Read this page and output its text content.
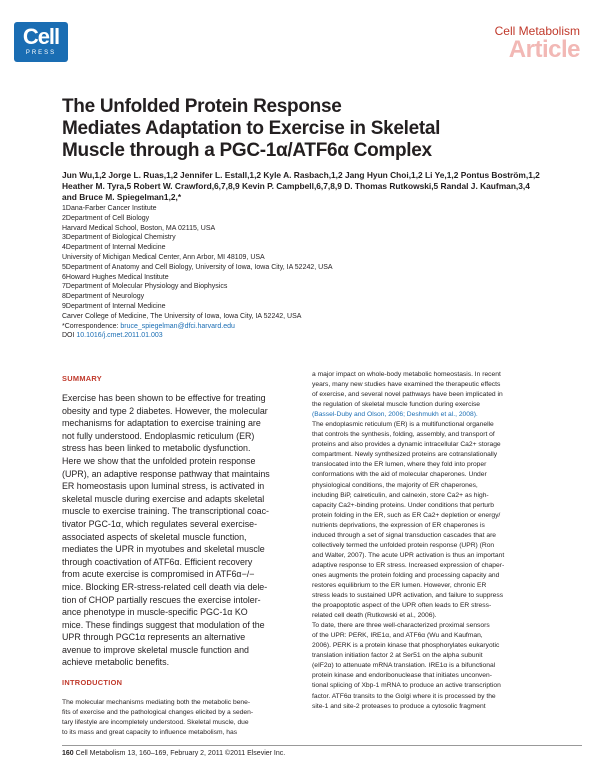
Cell
PRESS
Cell Metabolism
Article
The Unfolded Protein Response
Mediates Adaptation to Exercise in Skeletal
Muscle through a PGC-1α/ATF6α Complex
Jun Wu,1,2 Jorge L. Ruas,1,2 Jennifer L. Estall,1,2 Kyle A. Rasbach,1,2 Jang Hyun Choi,1,2 Li Ye,1,2 Pontus Boström,1,2
Heather M. Tyra,5 Robert W. Crawford,6,7,8,9 Kevin P. Campbell,6,7,8,9 D. Thomas Rutkowski,5 Randal J. Kaufman,3,4
and Bruce M. Spiegelman1,2,*
1Dana-Farber Cancer Institute
2Department of Cell Biology
Harvard Medical School, Boston, MA 02115, USA
3Department of Biological Chemistry
4Department of Internal Medicine
University of Michigan Medical Center, Ann Arbor, MI 48109, USA
5Department of Anatomy and Cell Biology, University of Iowa, Iowa City, IA 52242, USA
6Howard Hughes Medical Institute
7Department of Molecular Physiology and Biophysics
8Department of Neurology
9Department of Internal Medicine
Carver College of Medicine, The University of Iowa, Iowa City, IA 52242, USA
*Correspondence: bruce_spiegelman@dfci.harvard.edu
DOI 10.1016/j.cmet.2011.01.003
SUMMARY
Exercise has been shown to be effective for treating
obesity and type 2 diabetes. However, the molecular
mechanisms for adaptation to exercise training are
not fully understood. Endoplasmic reticulum (ER)
stress has been linked to metabolic dysfunction.
Here we show that the unfolded protein response
(UPR), an adaptive response pathway that maintains
ER homeostasis upon luminal stress, is activated in
skeletal muscle during exercise and adapts skeletal
muscle to exercise training. The transcriptional coac-
tivator PGC-1α, which regulates several exercise-
associated aspects of skeletal muscle function,
mediates the UPR in myotubes and skeletal muscle
through coactivation of ATF6α. Efficient recovery
from acute exercise is compromised in ATF6α−/−
mice. Blocking ER-stress-related cell death via dele-
tion of CHOP partially rescues the exercise intoler-
ance phenotype in muscle-specific PGC-1α KO
mice. These findings suggest that modulation of the
UPR through PGC1α represents an alternative
avenue to improve skeletal muscle function and
achieve metabolic benefits.
INTRODUCTION
The molecular mechanisms mediating both the metabolic bene-
fits of exercise and the pathological changes elicited by a seden-
tary lifestyle are incompletely understood. Skeletal muscle, due
to its mass and great capacity to influence metabolism, has
a major impact on whole-body metabolic homeostasis. In recent
years, many new studies have examined the therapeutic effects
of exercise, and several novel pathways have been implicated in
the regulation of skeletal muscle function during exercise
(Bassel-Duby and Olson, 2006; Deshmukh et al., 2008).
The endoplasmic reticulum (ER) is a multifunctional organelle
that controls the synthesis, folding, assembly, and transport of
proteins and also provides a dynamic intracellular Ca2+ storage
compartment. Newly synthesized proteins are cotranslationally
translocated into the ER lumen, where they fold into proper
conformations with the aid of molecular chaperones. Under
physiological conditions, the majority of ER chaperones,
including BiP, calreticulin, and calnexin, store Ca2+ as high-
capacity Ca2+-binding proteins. Under conditions that perturb
protein folding in the ER, such as ER Ca2+ depletion or energy/
nutrients deprivations, the expression of ER chaperones is
induced through a set of signal transduction cascades that are
collectively termed the unfolded protein response (UPR) (Ron
and Walter, 2007). The acute UPR activation is thus an important
adaptive response to ER stress. Increased expression of chaper-
ones augments the protein folding and processing capacity and
restores equilibrium to the ER lumen. However, chronic ER
stress leads to sustained UPR activation, and failure to suppress
the proapoptotic aspect of the UPR often leads to ER stress-
related cell death (Rutkowski et al., 2006).
To date, there are three well-characterized proximal sensors
of the UPR: PERK, IRE1α, and ATF6α (Wu and Kaufman,
2006). PERK is a protein kinase that phosphorylates eukaryotic
translation initiation factor 2 at Ser51 on the alpha subunit
(eIF2α) to attenuate mRNA translation. IRE1α is a bifunctional
protein kinase and endoribonuclease that initiates unconven-
tional splicing of Xbp-1 mRNA to produce an active transcription
factor. ATF6α transits to the Golgi where it is processed by the
site-1 and site-2 proteases to produce a cytosolic fragment
160 Cell Metabolism 13, 160–169, February 2, 2011 ©2011 Elsevier Inc.
